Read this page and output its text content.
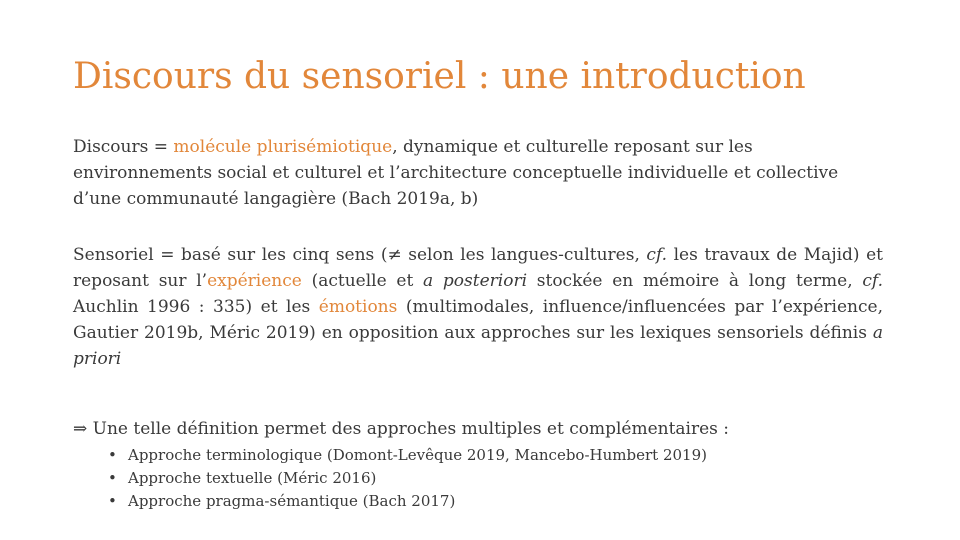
Discours du sensoriel : une introduction

Discours = molécule plurisémiotique, dynamique et culturelle reposant sur les environnements social et culturel et l’architecture conceptuelle individuelle et collective d’une communauté langagière (Bach 2019a, b)

Sensoriel = basé sur les cinq sens (≠ selon les langues-cultures, cf. les travaux de Majid) et reposant sur l’expérience (actuelle et a posteriori stockée en mémoire à long terme, cf. Auchlin 1996 : 335) et les émotions (multimodales, influence/influencées par l’expérience, Gautier 2019b, Méric 2019) en opposition aux approches sur les lexiques sensoriels définis a priori

⇒ Une telle définition permet des approches multiples et complémentaires :

• Approche terminologique (Domont-Levêque 2019, Mancebo-Humbert 2019)
• Approche textuelle (Méric 2016)
• Approche pragma-sémantique (Bach 2017)
